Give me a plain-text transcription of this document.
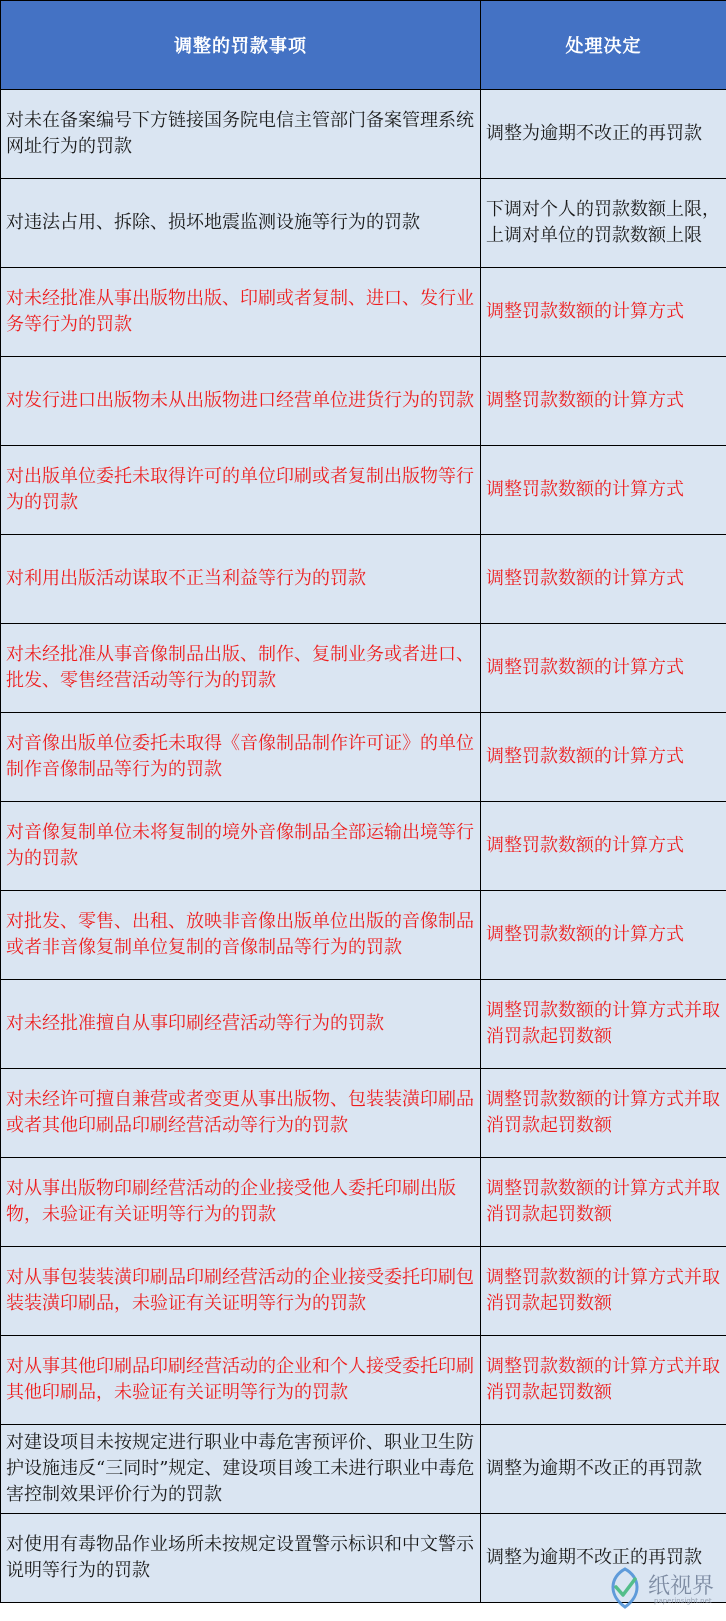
调整的罚款事项	处理决定
对未在备案编号下方链接国务院电信主管部门备案管理系统网址行为的罚款	调整为逾期不改正的再罚款
对违法占用、拆除、损坏地震监测设施等行为的罚款	下调对个人的罚款数额上限，上调对单位的罚款数额上限
对未经批准从事出版物出版、印刷或者复制、进口、发行业务等行为的罚款	调整罚款数额的计算方式
对发行进口出版物未从出版物进口经营单位进货行为的罚款	调整罚款数额的计算方式
对出版单位委托未取得许可的单位印刷或者复制出版物等行为的罚款	调整罚款数额的计算方式
对利用出版活动谋取不正当利益等行为的罚款	调整罚款数额的计算方式
对未经批准从事音像制品出版、制作、复制业务或者进口、批发、零售经营活动等行为的罚款	调整罚款数额的计算方式
对音像出版单位委托未取得《音像制品制作许可证》的单位制作音像制品等行为的罚款	调整罚款数额的计算方式
对音像复制单位未将复制的境外音像制品全部运输出境等行为的罚款	调整罚款数额的计算方式
对批发、零售、出租、放映非音像出版单位出版的音像制品或者非音像复制单位复制的音像制品等行为的罚款	调整罚款数额的计算方式
对未经批准擅自从事印刷经营活动等行为的罚款	调整罚款数额的计算方式并取消罚款起罚数额
对未经许可擅自兼营或者变更从事出版物、包装装潢印刷品或者其他印刷品印刷经营活动等行为的罚款	调整罚款数额的计算方式并取消罚款起罚数额
对从事出版物印刷经营活动的企业接受他人委托印刷出版物，未验证有关证明等行为的罚款	调整罚款数额的计算方式并取消罚款起罚数额
对从事包装装潢印刷品印刷经营活动的企业接受委托印刷包装装潢印刷品，未验证有关证明等行为的罚款	调整罚款数额的计算方式并取消罚款起罚数额
对从事其他印刷品印刷经营活动的企业和个人接受委托印刷其他印刷品，未验证有关证明等行为的罚款	调整罚款数额的计算方式并取消罚款起罚数额
对建设项目未按规定进行职业中毒危害预评价、职业卫生防护设施违反“三同时”规定、建设项目竣工未进行职业中毒危害控制效果评价行为的罚款	调整为逾期不改正的再罚款
对使用有毒物品作业场所未按规定设置警示标识和中文警示说明等行为的罚款	调整为逾期不改正的再罚款
纸视界
paperinsight.net
